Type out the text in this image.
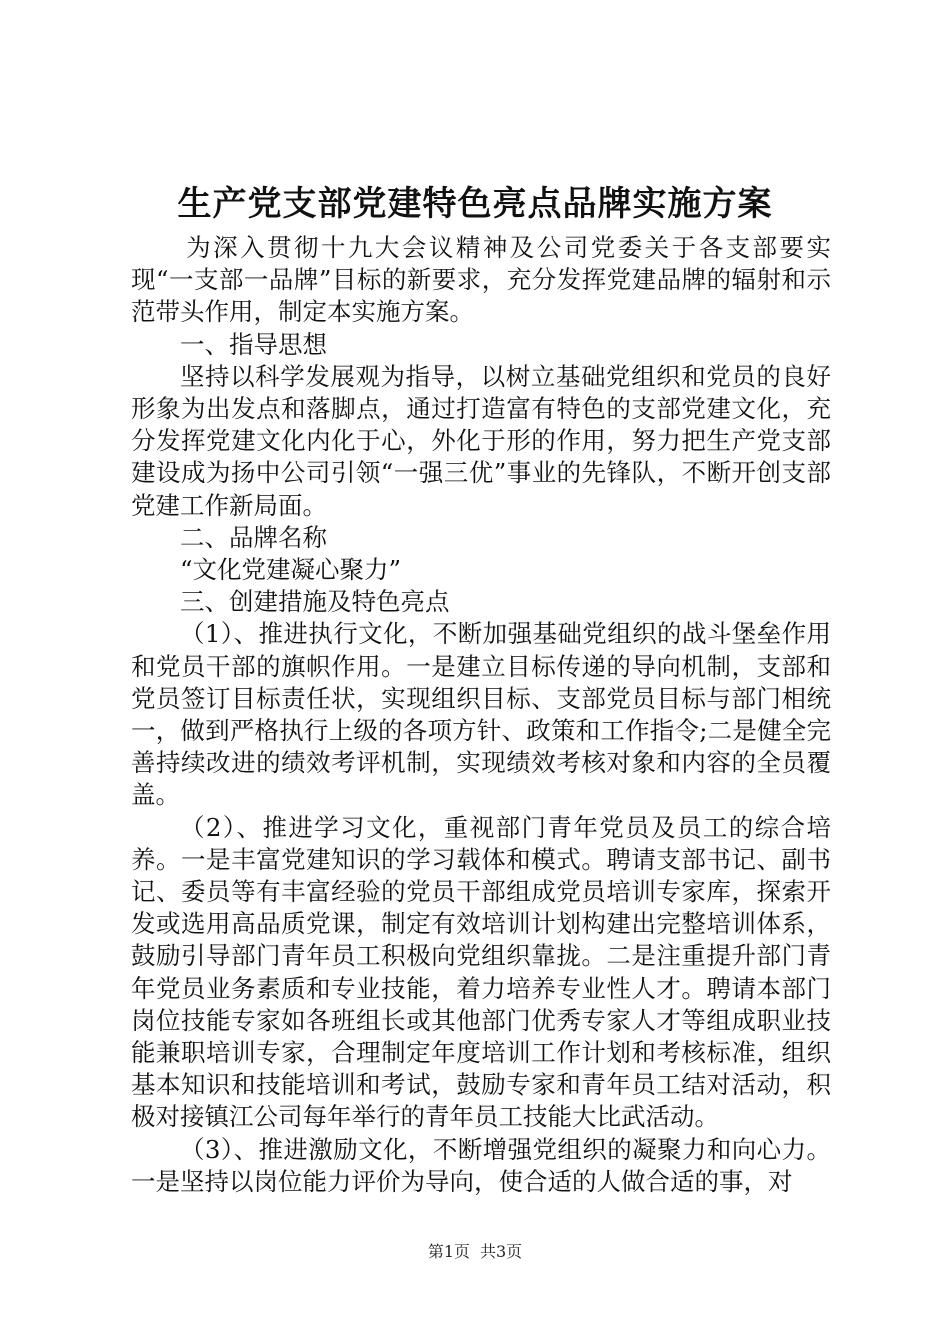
生产党支部党建特色亮点品牌实施方案

为深入贯彻十九大会议精神及公司党委关于各支部要实现“一支部一品牌”目标的新要求，充分发挥党建品牌的辐射和示范带头作用，制定本实施方案。

一、指导思想

坚持以科学发展观为指导，以树立基础党组织和党员的良好形象为出发点和落脚点，通过打造富有特色的支部党建文化，充分发挥党建文化内化于心，外化于形的作用，努力把生产党支部建设成为扬中公司引领“一强三优”事业的先锋队，不断开创支部党建工作新局面。

二、品牌名称

“文化党建凝心聚力”

三、创建措施及特色亮点

（1）、推进执行文化，不断加强基础党组织的战斗堡垒作用和党员干部的旗帜作用。一是建立目标传递的导向机制，支部和党员签订目标责任状，实现组织目标、支部党员目标与部门相统一，做到严格执行上级的各项方针、政策和工作指令;二是健全完善持续改进的绩效考评机制，实现绩效考核对象和内容的全员覆盖。

（2）、推进学习文化，重视部门青年党员及员工的综合培养。一是丰富党建知识的学习载体和模式。聘请支部书记、副书记、委员等有丰富经验的党员干部组成党员培训专家库，探索开发或选用高品质党课，制定有效培训计划构建出完整培训体系，鼓励引导部门青年员工积极向党组织靠拢。二是注重提升部门青年党员业务素质和专业技能，着力培养专业性人才。聘请本部门岗位技能专家如各班组长或其他部门优秀专家人才等组成职业技能兼职培训专家，合理制定年度培训工作计划和考核标准，组织基本知识和技能培训和考试，鼓励专家和青年员工结对活动，积极对接镇江公司每年举行的青年员工技能大比武活动。

（3）、推进激励文化，不断增强党组织的凝聚力和向心力。一是坚持以岗位能力评价为导向，使合适的人做合适的事，对

第1页 共3页
